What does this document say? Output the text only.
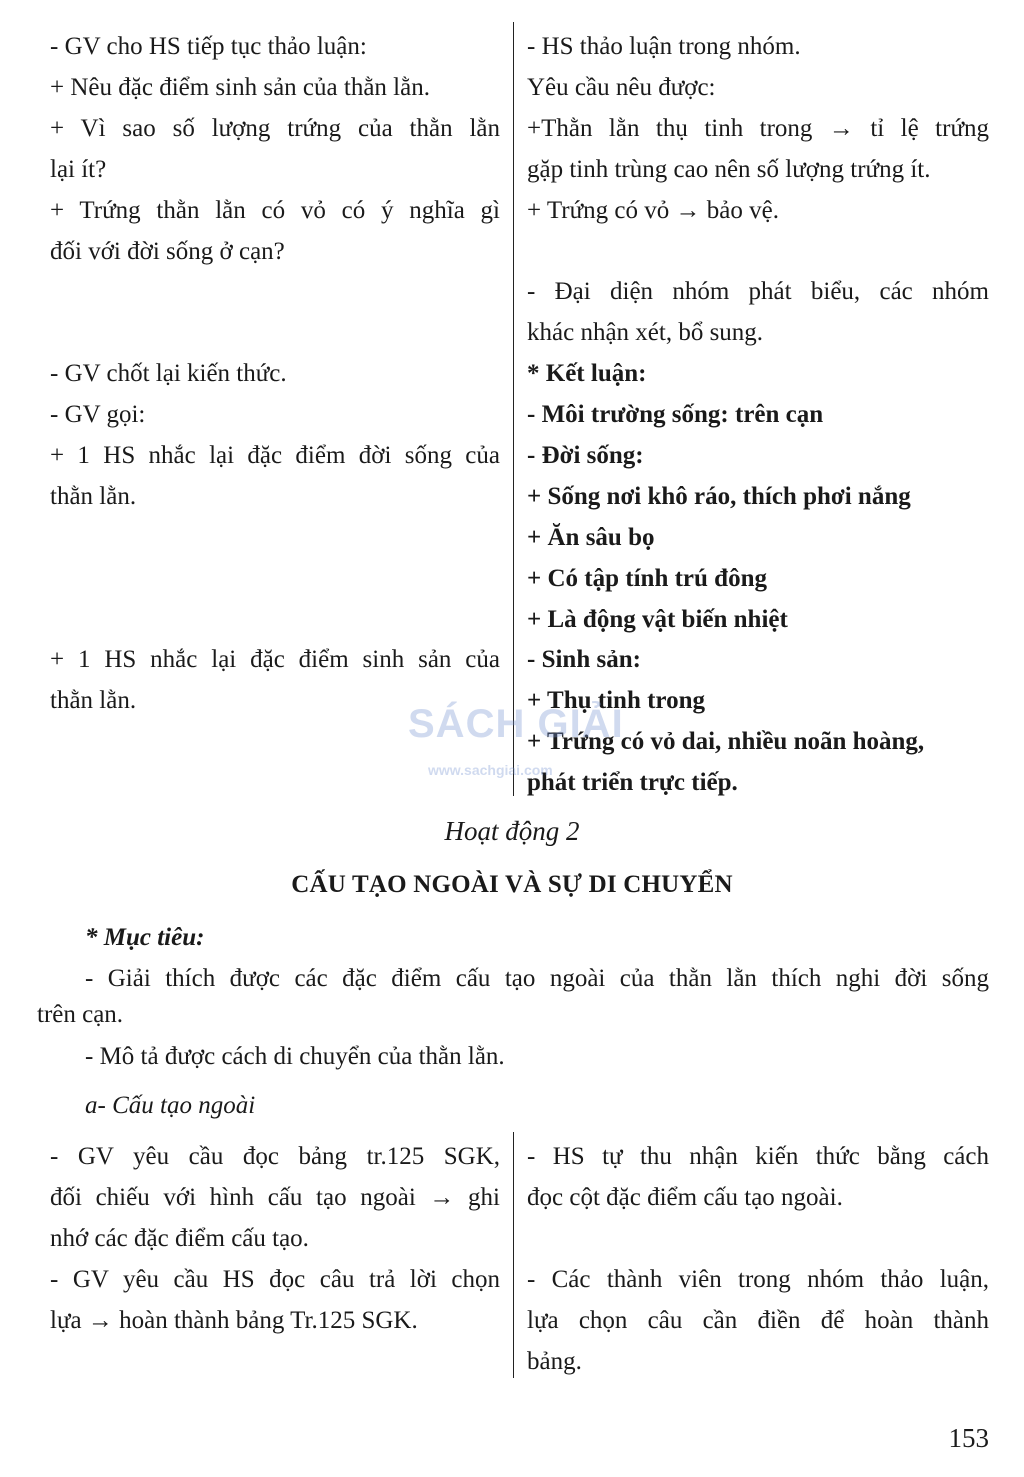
- GV cho HS tiếp tục thảo luận:
+ Nêu đặc điểm sinh sản của thằn lằn.
+ Vì sao số lượng trứng của thằn lằn
lại ít?
+ Trứng thằn lằn có vỏ có ý nghĩa gì
đối với đời sống ở cạn?
- GV chốt lại kiến thức.
- GV gọi:
+ 1 HS nhắc lại đặc điểm đời sống của
thằn lằn.
+ 1 HS nhắc lại đặc điểm sinh sản của
thằn lằn.
- HS thảo luận trong nhóm.
Yêu cầu nêu được:
+Thằn lằn thụ tinh trong → tỉ lệ trứng
gặp tinh trùng cao nên số lượng trứng ít.
+ Trứng có vỏ → bảo vệ.
- Đại diện nhóm phát biểu, các nhóm
khác nhận xét, bổ sung.
* Kết luận:
- Môi trường sống: trên cạn
- Đời sống:
+ Sống nơi khô ráo, thích phơi nắng
+ Ăn sâu bọ
+ Có tập tính trú đông
+ Là động vật biến nhiệt
- Sinh sản:
+ Thụ tinh trong
+ Trứng có vỏ dai, nhiều noãn hoàng,
phát triển trực tiếp.
SÁCH GIẢI
www.sachgiai.com
Hoạt động 2
CẤU TẠO NGOÀI VÀ SỰ DI CHUYỂN
* Mục tiêu:
- Giải thích được các đặc điểm cấu tạo ngoài của thằn lằn thích nghi đời sống
trên cạn.
- Mô tả được cách di chuyển của thằn lằn.
a- Cấu tạo ngoài
- GV yêu cầu đọc bảng tr.125 SGK,
đối chiếu với hình cấu tạo ngoài → ghi
nhớ các đặc điểm cấu tạo.
- GV yêu cầu HS đọc câu trả lời chọn
lựa → hoàn thành bảng Tr.125 SGK.
- HS tự thu nhận kiến thức bằng cách
đọc cột đặc điểm cấu tạo ngoài.
- Các thành viên trong nhóm thảo luận,
lựa chọn câu cần điền để hoàn thành
bảng.
153
